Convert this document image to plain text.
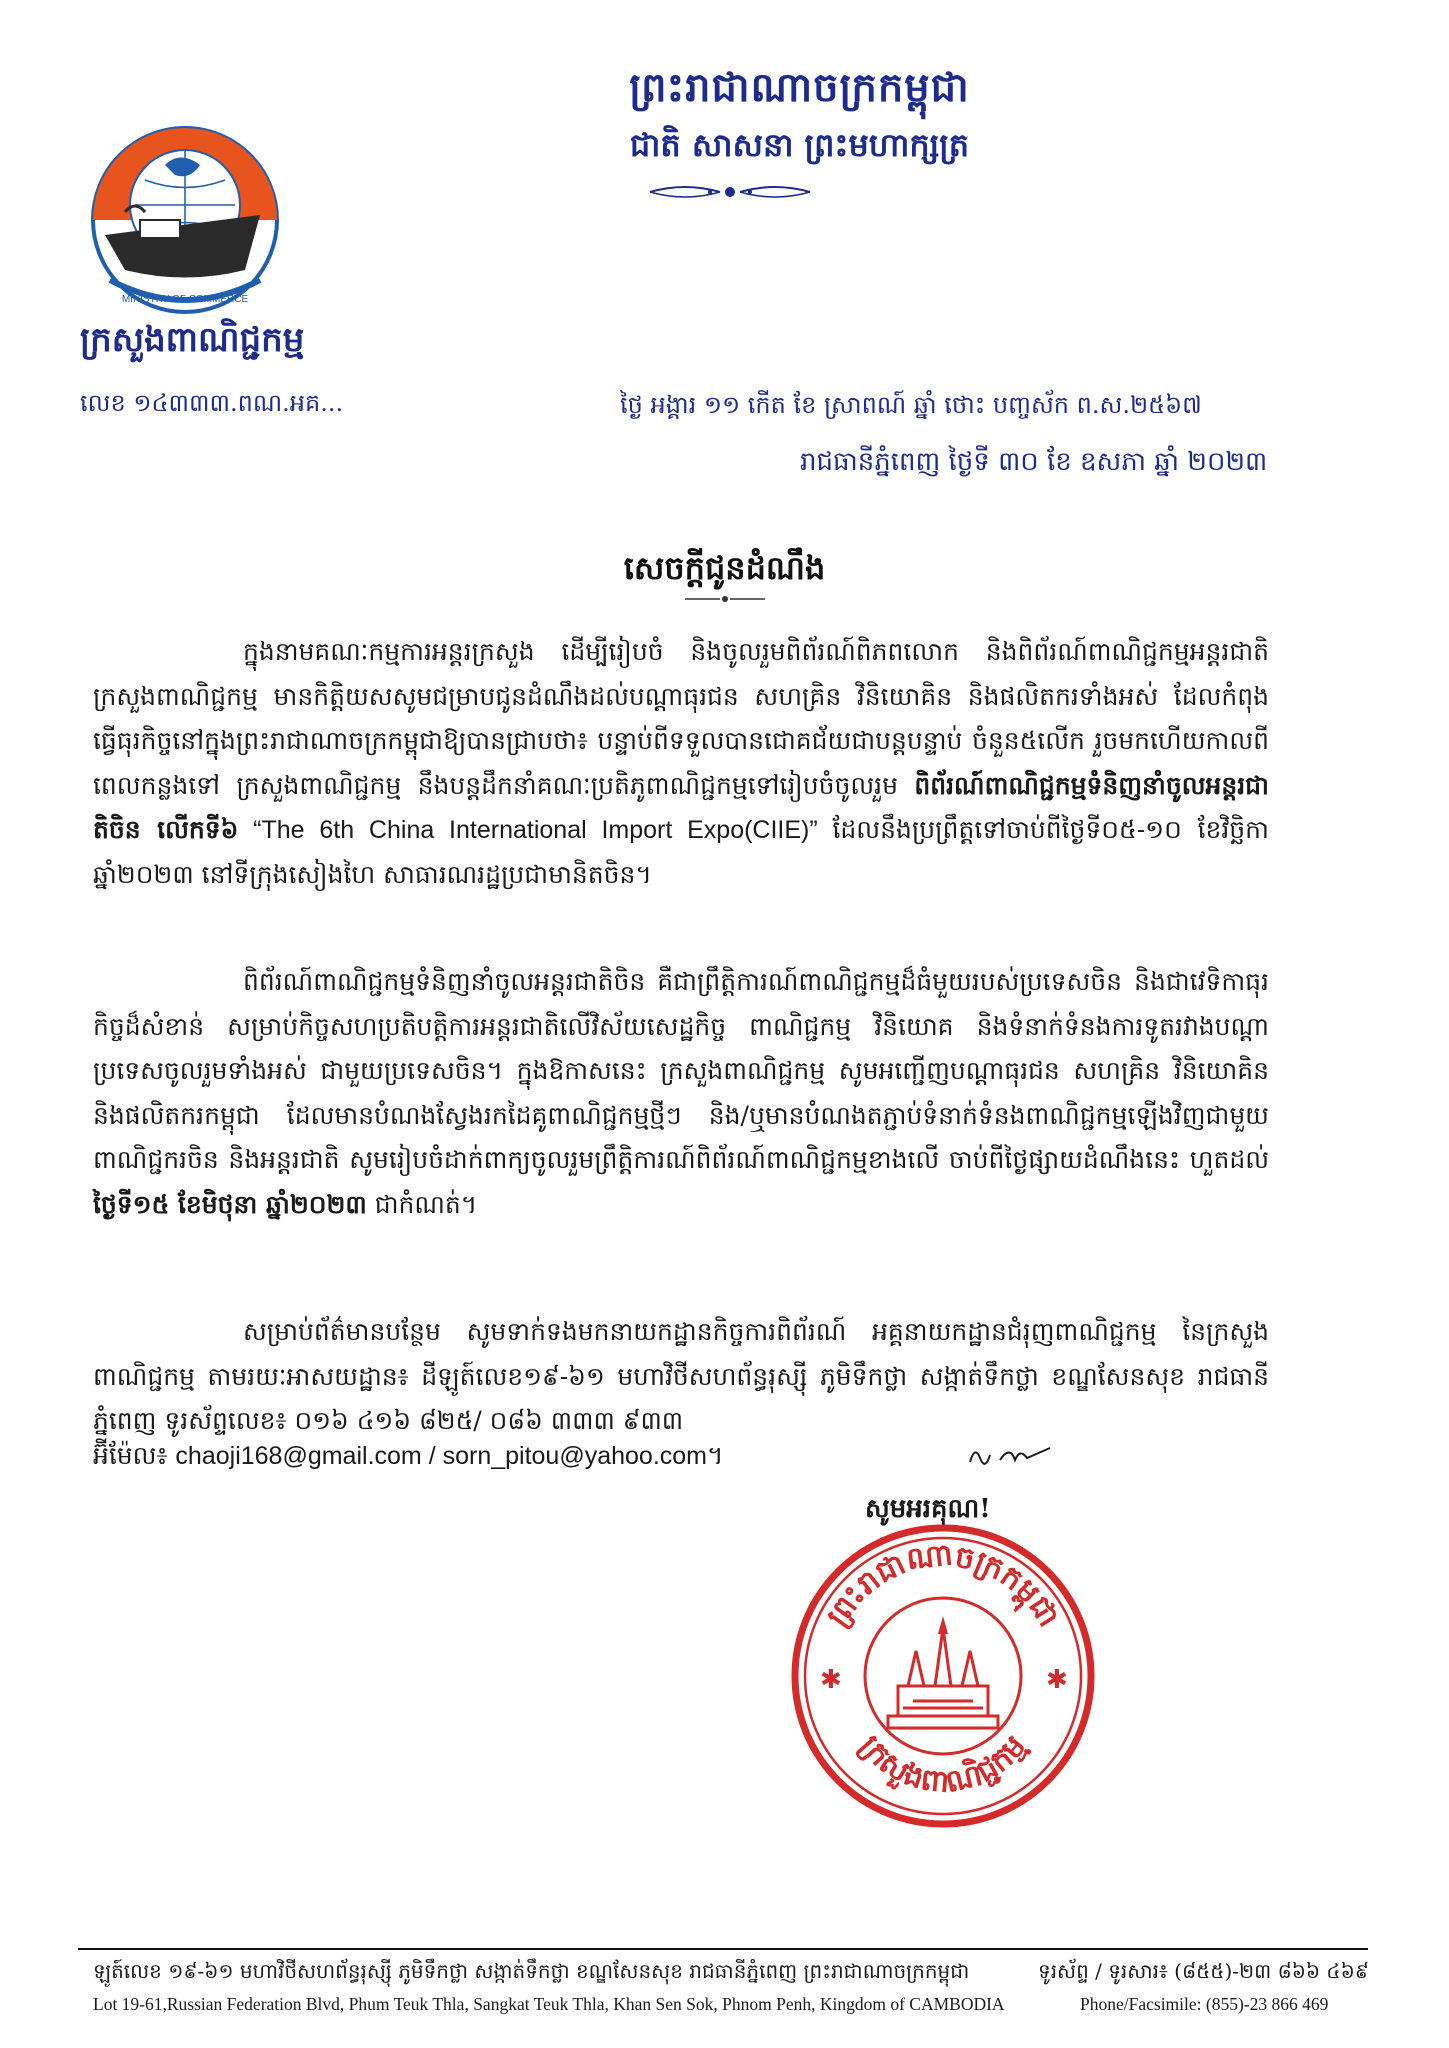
ព្រះរាជាណាចក្រកម្ពុជា
ជាតិ សាសនា ព្រះមហាក្សត្រ
MINISTRY OF COMMERCE
ក្រសួងពាណិជ្ជកម្ម
លេខ ១៤៣៣៣.ពណ.អគ...	ថ្ងៃ អង្គារ ១១ កើត ខែ ស្រាពណ៍ ឆ្នាំ ថោះ បញ្ចស័ក ព.ស.២៥៦៧
រាជធានីភ្នំពេញ ថ្ងៃទី ៣០ ខែ ឧសភា ឆ្នាំ ២០២៣
សេចក្តីជូនដំណឹង

ក្នុងនាមគណៈកម្មការអន្តរក្រសួង ដើម្បីរៀបចំ និងចូលរួមពិព័រណ៍ពិភពលោក និងពិព័រណ៍ពាណិជ្ជកម្មអន្តរជាតិ ក្រសួងពាណិជ្ជកម្ម មានកិត្តិយសសូមជម្រាបជូនដំណឹងដល់បណ្ដាធុរជន សហគ្រិន វិនិយោគិន និងផលិតករទាំងអស់ ដែលកំពុងធ្វើធុរកិច្ចនៅក្នុងព្រះរាជាណាចក្រកម្ពុជាឱ្យបានជ្រាបថា៖ បន្ទាប់ពីទទួលបានជោគជ័យជាបន្តបន្ទាប់ ចំនួន៥លើក រួចមកហើយកាលពីពេលកន្លងទៅ ក្រសួងពាណិជ្ជកម្ម នឹងបន្តដឹកនាំគណៈប្រតិភូពាណិជ្ជកម្មទៅរៀបចំចូលរួម ពិព័រណ៍ពាណិជ្ជកម្មទំនិញនាំចូលអន្តរជាតិចិន លើកទី៦ “The 6th China International Import Expo(CIIE)” ដែលនឹងប្រព្រឹត្តទៅចាប់ពីថ្ងៃទី០៥-១០ ខែវិច្ឆិកា ឆ្នាំ២០២៣ នៅទីក្រុងសៀងហៃ សាធារណរដ្ឋប្រជាមានិតចិន។

ពិព័រណ៍ពាណិជ្ជកម្មទំនិញនាំចូលអន្តរជាតិចិន គឺជាព្រឹត្តិការណ៍ពាណិជ្ជកម្មដ៏ធំមួយរបស់ប្រទេសចិន និងជាវេទិកាធុរកិច្ចដ៏សំខាន់ សម្រាប់កិច្ចសហប្រតិបត្តិការអន្តរជាតិលើវិស័យសេដ្ឋកិច្ច ពាណិជ្ជកម្ម វិនិយោគ និងទំនាក់ទំនងការទូតរវាងបណ្ដាប្រទេសចូលរួមទាំងអស់ ជាមួយប្រទេសចិន។ ក្នុងឱកាសនេះ ក្រសួងពាណិជ្ជកម្ម សូមអញ្ជើញបណ្ដាធុរជន សហគ្រិន វិនិយោគិន និងផលិតករកម្ពុជា ដែលមានបំណងស្វែងរកដៃគូពាណិជ្ជកម្មថ្មីៗ និង/ឬមានបំណងតភ្ជាប់ទំនាក់ទំនងពាណិជ្ជកម្មឡើងវិញជាមួយពាណិជ្ជករចិន និងអន្តរជាតិ សូមរៀបចំដាក់ពាក្យចូលរួមព្រឹត្តិការណ៍ពិព័រណ៍ពាណិជ្ជកម្មខាងលើ ចាប់ពីថ្ងៃផ្សាយដំណឹងនេះ ហួតដល់ ថ្ងៃទី១៥ ខែមិថុនា ឆ្នាំ២០២៣ ជាកំណត់។

សម្រាប់ព័ត៌មានបន្ថែម សូមទាក់ទងមកនាយកដ្ឋានកិច្ចការពិព័រណ៍ អគ្គនាយកដ្ឋានជំរុញពាណិជ្ជកម្ម នៃក្រសួងពាណិជ្ជកម្ម តាមរយៈអាសយដ្ឋាន៖ ដីឡូត៍លេខ១៩-៦១ មហាវិថីសហព័ន្ធរុស្ស៊ី ភូមិទឹកថ្លា សង្កាត់ទឹកថ្លា ខណ្ឌសែនសុខ រាជធានីភ្នំពេញ ទូរស័ព្ទលេខ៖ ០១៦ ៤១៦ ៨២៥/ ០៨៦ ៣៣៣ ៩៣៣

អ៊ីម៉ែល៖ chaoji168@gmail.com / sorn_pitou@yahoo.com។
សូមអរគុណ!
ព្រះរាជាណាចក្រកម្ពុជា
ក្រសួងពាណិជ្ជកម្ម
✱	✱
ឡូត៍លេខ ១៩-៦១ មហាវិថីសហព័ន្ធរុស្ស៊ី ភូមិទឹកថ្លា សង្កាត់ទឹកថ្លា ខណ្ឌសែនសុខ រាជធានីភ្នំពេញ ព្រះរាជាណាចក្រកម្ពុជា	ទូរស័ព្ទ / ទូរសារ៖ (៨៥៥)-២៣ ៨៦៦ ៤៦៩
Lot 19-61,Russian Federation Blvd, Phum Teuk Thla, Sangkat Teuk Thla, Khan Sen Sok, Phnom Penh, Kingdom of CAMBODIA	Phone/Facsimile: (855)-23 866 469
